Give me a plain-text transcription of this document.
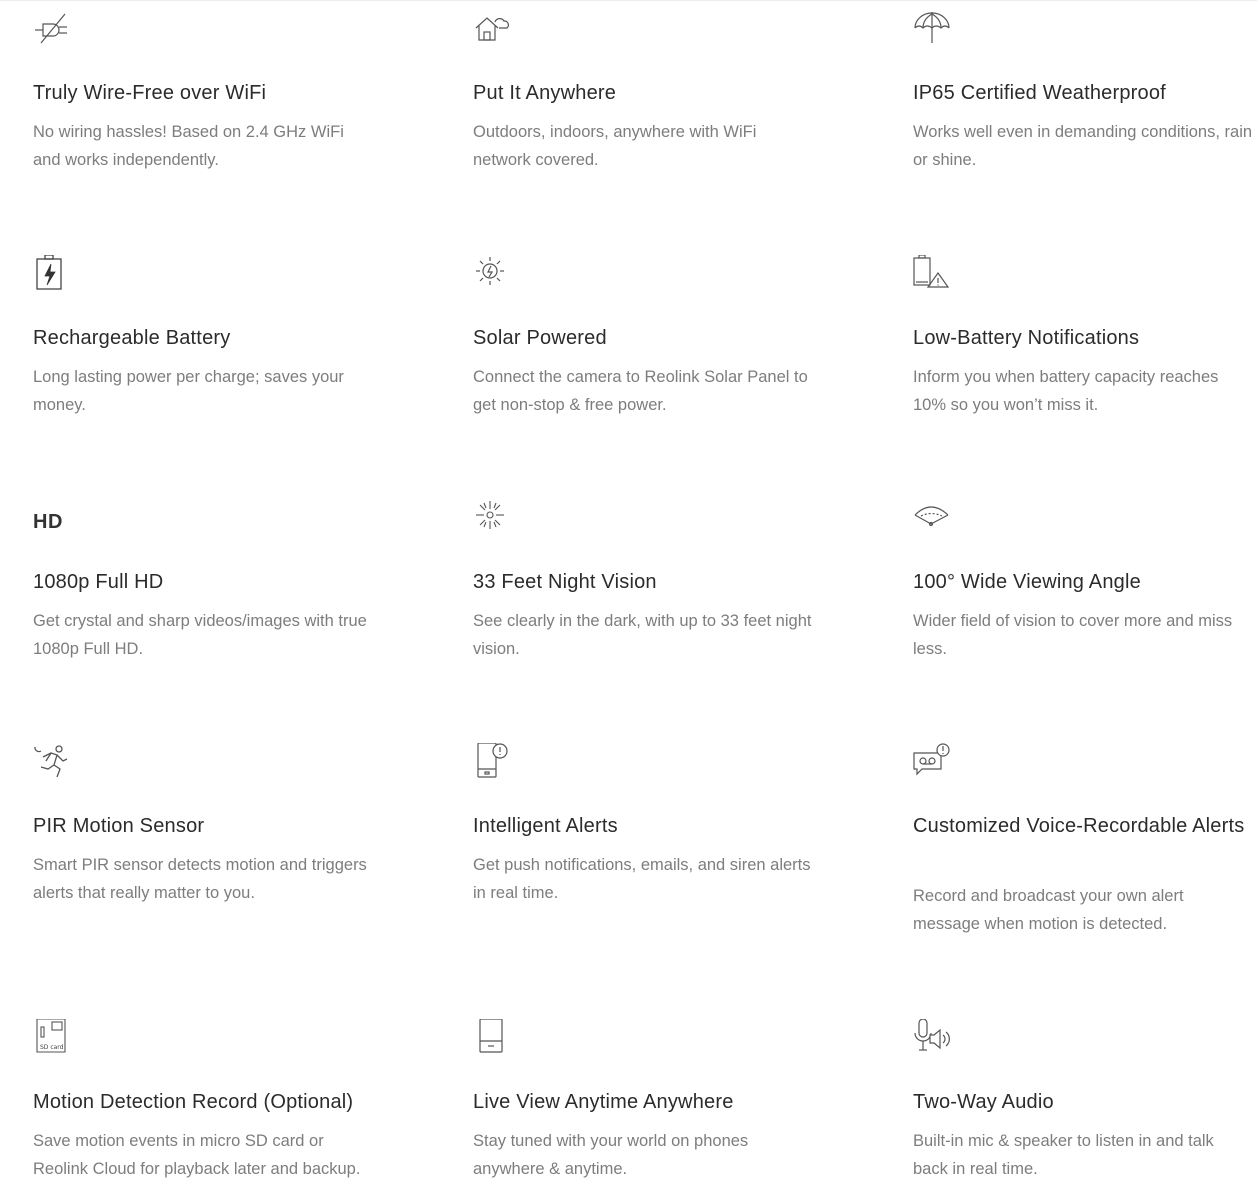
Truly Wire-Free over WiFi

No wiring hassles! Based on 2.4 GHz WiFi and works independently.

Put It Anywhere

Outdoors, indoors, anywhere with WiFi network covered.

IP65 Certified Weatherproof

Works well even in demanding conditions, rain or shine.

Rechargeable Battery

Long lasting power per charge; saves your money.

Solar Powered

Connect the camera to Reolink Solar Panel to get non-stop & free power.

Low-Battery Notifications

Inform you when battery capacity reaches 10% so you won’t miss it.

HD
1080p Full HD

Get crystal and sharp videos/images with true 1080p Full HD.

33 Feet Night Vision

See clearly in the dark, with up to 33 feet night vision.

100° Wide Viewing Angle

Wider field of vision to cover more and miss less.

PIR Motion Sensor

Smart PIR sensor detects motion and triggers alerts that really matter to you.

Intelligent Alerts

Get push notifications, emails, and siren alerts in real time.

Customized Voice-Recordable Alerts

Record and broadcast your own alert message when motion is detected.

SD card
Motion Detection Record (Optional)

Save motion events in micro SD card or Reolink Cloud for playback later and backup.

Live View Anytime Anywhere

Stay tuned with your world on phones anywhere & anytime.

Two-Way Audio

Built-in mic & speaker to listen in and talk back in real time.
